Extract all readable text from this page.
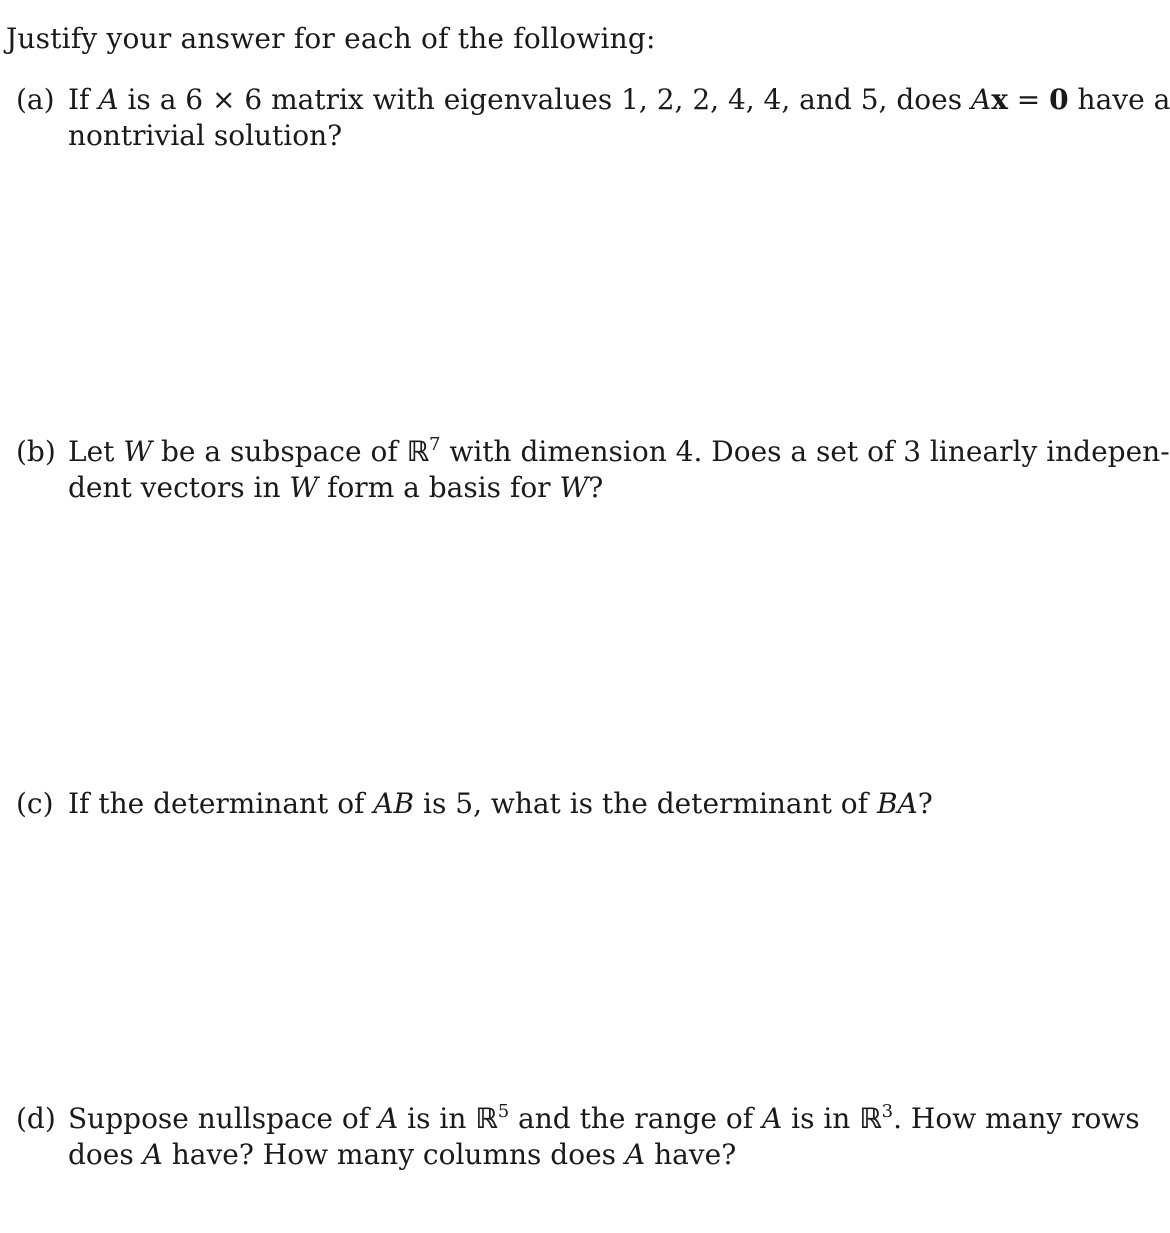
Justify your answer for each of the following:
(a) If A is a 6 × 6 matrix with eigenvalues 1, 2, 2, 4, 4, and 5, does Ax = 0 have a
nontrivial solution?
(b) Let W be a subspace of ℝ$^7$ with dimension 4. Does a set of 3 linearly indepen-
dent vectors in W form a basis for W?
(c) If the determinant of AB is 5, what is the determinant of BA?
(d) Suppose nullspace of A is in ℝ$^5$ and the range of A is in ℝ$^3$. How many rows
does A have? How many columns does A have?
